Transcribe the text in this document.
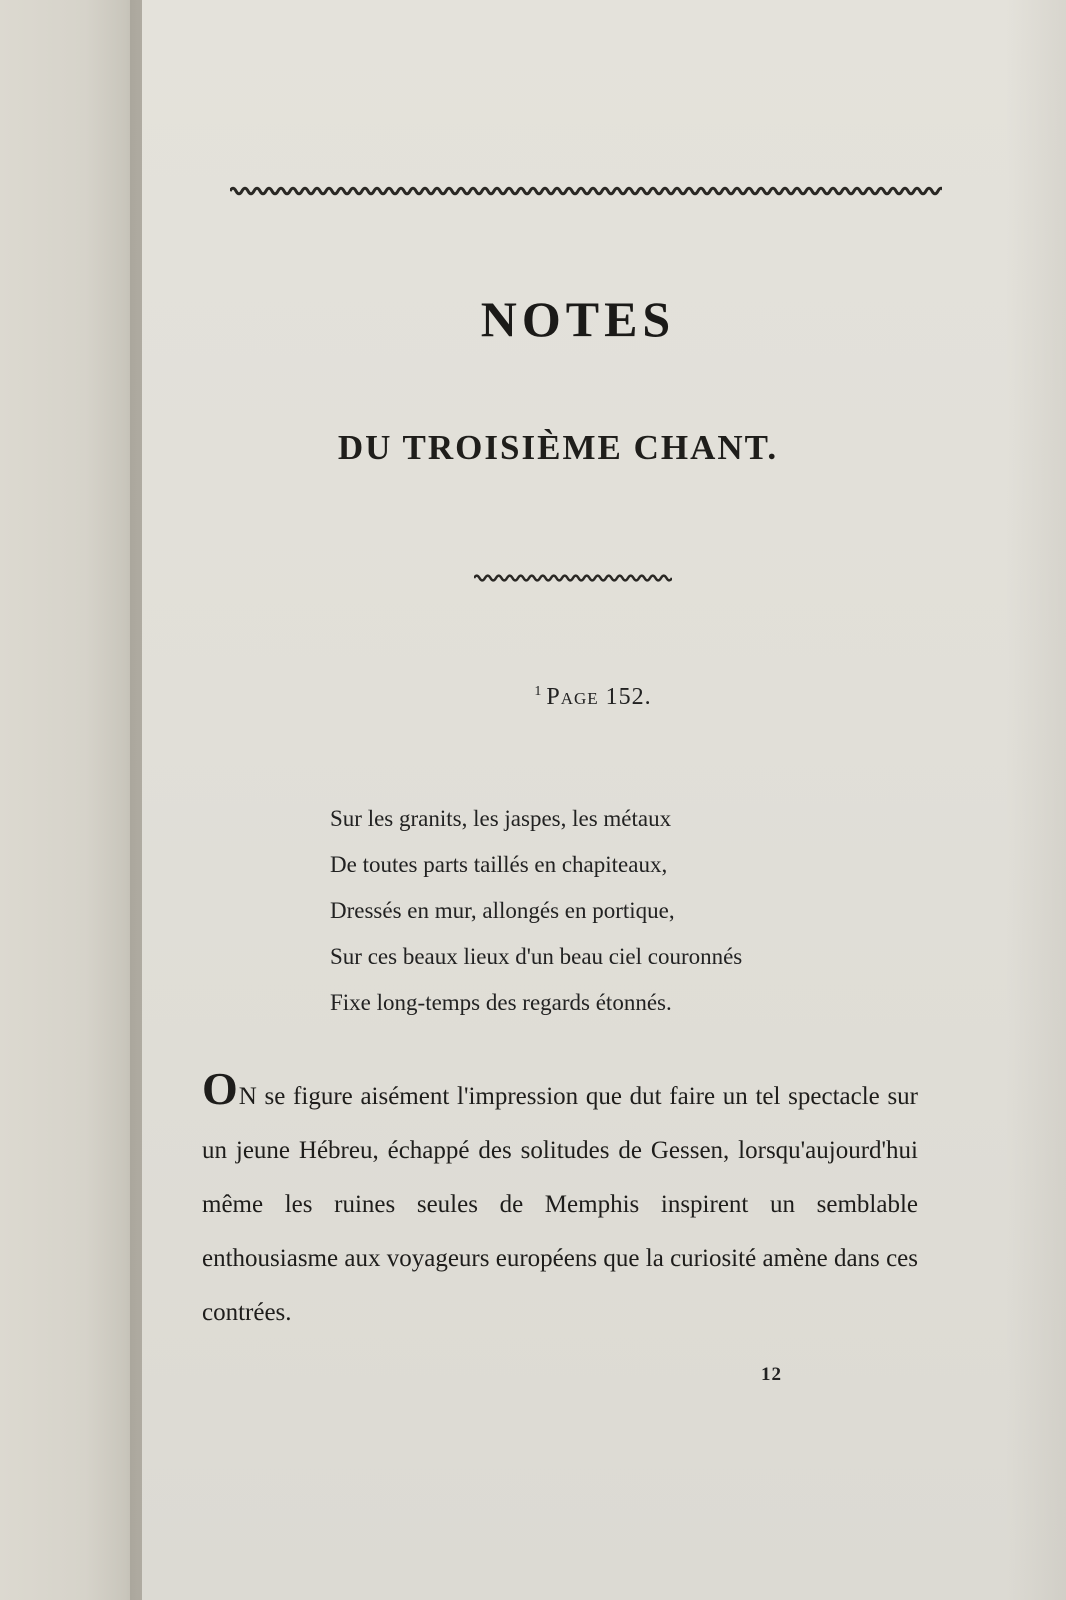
NOTES
DU TROISIÈME CHANT.
$^1$ Page 152.
Sur les granits, les jaspes, les métaux
De toutes parts taillés en chapiteaux,
Dressés en mur, allongés en portique,
Sur ces beaux lieux d'un beau ciel couronnés
Fixe long-temps des regards étonnés.

ON se figure aisément l'impression que dut faire un tel spectacle sur un jeune Hébreu, échappé des solitudes de Gessen, lorsqu'aujourd'hui même les ruines seules de Memphis inspirent un semblable enthousiasme aux voyageurs européens que la curiosité amène dans ces contrées.

12
